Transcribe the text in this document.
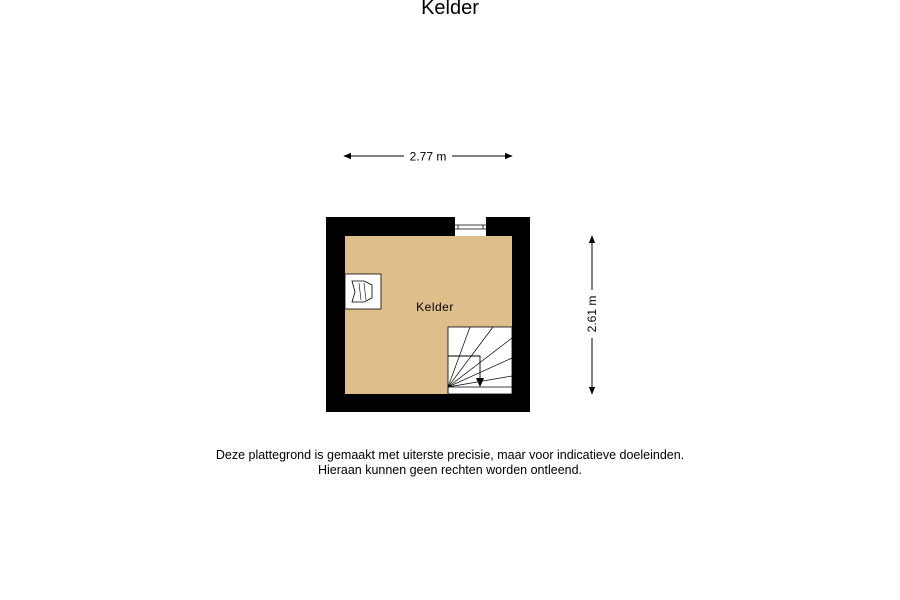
Kelder
2.77 m
2.61 m
Kelder
Deze plattegrond is gemaakt met uiterste precisie, maar voor indicatieve doeleinden.
Hieraan kunnen geen rechten worden ontleend.
